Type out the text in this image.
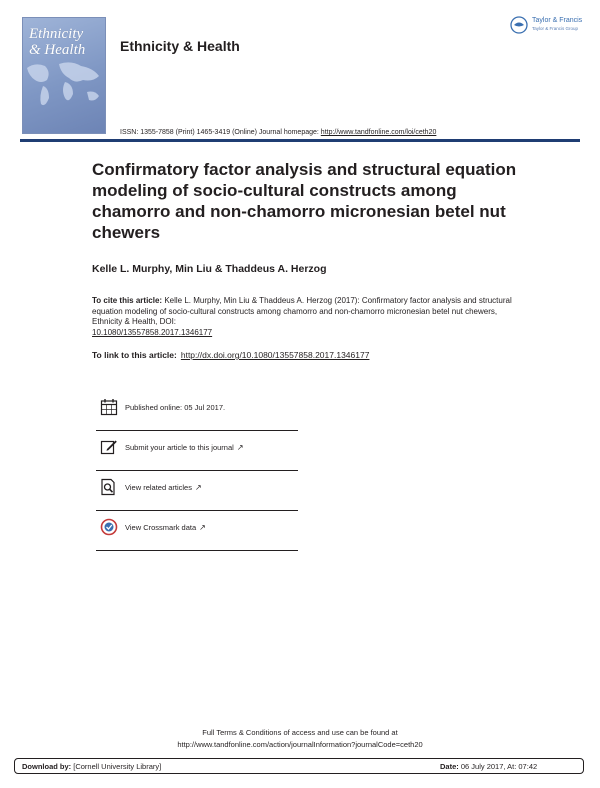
Ethnicity
& Health Ethnicity & Health
Taylor & Francis
Taylor & Francis Group
ISSN: 1355-7858 (Print) 1465-3419 (Online) Journal homepage: http://www.tandfonline.com/loi/ceth20
Confirmatory factor analysis and structural equation modeling of socio-cultural constructs among chamorro and non-chamorro micronesian betel nut chewers
Kelle L. Murphy, Min Liu & Thaddeus A. Herzog
To cite this article: Kelle L. Murphy, Min Liu & Thaddeus A. Herzog (2017): Confirmatory factor analysis and structural equation modeling of socio-cultural constructs among chamorro and non-chamorro micronesian betel nut chewers, Ethnicity & Health, DOI:
10.1080/13557858.2017.1346177
To link to this article: http://dx.doi.org/10.1080/13557858.2017.1346177
Published online: 05 Jul 2017.
Submit your article to this journal ↗
View related articles ↗
View Crossmark data ↗
Full Terms & Conditions of access and use can be found at
http://www.tandfonline.com/action/journalInformation?journalCode=ceth20
Download by: [Cornell University Library]	Date: 06 July 2017, At: 07:42
